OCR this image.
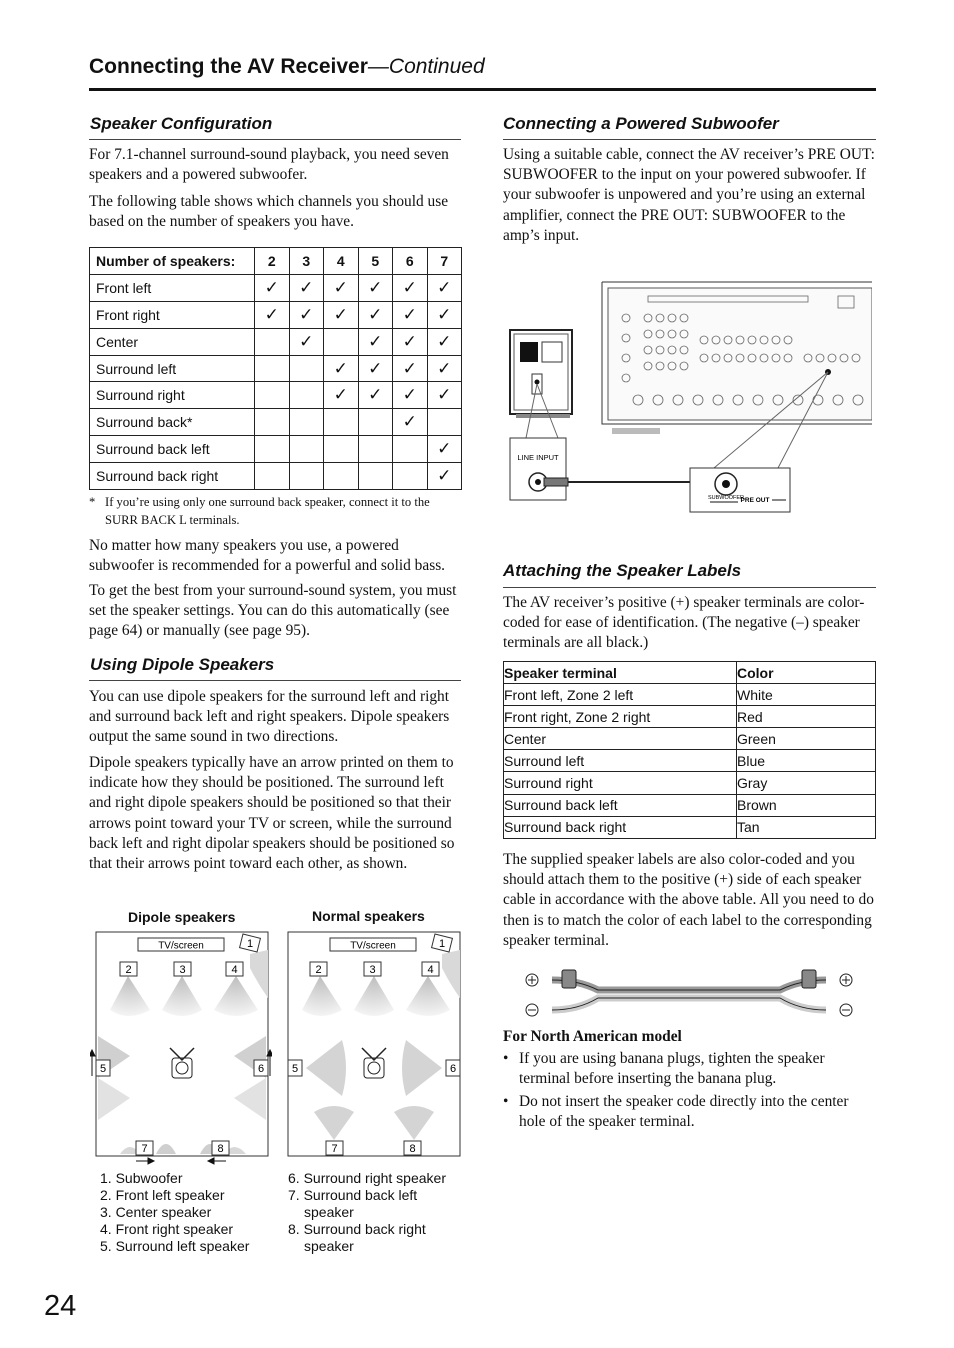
Connecting the AV Receiver—Continued
Speaker Configuration
For 7.1-channel surround-sound playback, you need seven speakers and a powered subwoofer.
The following table shows which channels you should use based on the number of speakers you have.
Number of speakers:	2	3	4	5	6	7
Front left	✓	✓	✓	✓	✓	✓
Front right	✓	✓	✓	✓	✓	✓
Center		✓		✓	✓	✓
Surround left			✓	✓	✓	✓
Surround right			✓	✓	✓	✓
Surround back*					✓	
Surround back left						✓
Surround back right						✓
* If you’re using only one surround back speaker, connect it to the SURR BACK L terminals.
No matter how many speakers you use, a powered subwoofer is recommended for a powerful and solid bass.
To get the best from your surround-sound system, you must set the speaker settings. You can do this automatically (see page 64) or manually (see page 95).
Using Dipole Speakers
You can use dipole speakers for the surround left and right and surround back left and right speakers. Dipole speakers output the same sound in two directions.
Dipole speakers typically have an arrow printed on them to indicate how they should be positioned. The surround left and right dipole speakers should be positioned so that their arrows point toward your TV or screen, while the surround back left and right dipolar speakers should be positioned so that their arrows point toward each other, as shown.
Dipole speakers	Normal speakers
TV/screen	1
2	3	4
5	6
7	8
TV/screen	1
2	3	4
5	6
7	8
1. Subwoofer
2. Front left speaker
3. Center speaker
4. Front right speaker
5. Surround left speaker
6. Surround right speaker
7. Surround back left
speaker
8. Surround back right
speaker
24
Connecting a Powered Subwoofer
Using a suitable cable, connect the AV receiver’s PRE OUT: SUBWOOFER to the input on your powered subwoofer. If your subwoofer is unpowered and you’re using an external amplifier, connect the PRE OUT: SUBWOOFER to the amp’s input.
LINE INPUT
SUBWOOFER
PRE OUT
Attaching the Speaker Labels
The AV receiver’s positive (+) speaker terminals are color-coded for ease of identification. (The negative (–) speaker terminals are all black.)
Speaker terminal	Color
Front left, Zone 2 left	White
Front right, Zone 2 right	Red
Center	Green
Surround left	Blue
Surround right	Gray
Surround back left	Brown
Surround back right	Tan
The supplied speaker labels are also color-coded and you should attach them to the positive (+) side of each speaker cable in accordance with the above table. All you need to do then is to match the color of each label to the corresponding speaker terminal.
For North American model
• If you are using banana plugs, tighten the speaker terminal before inserting the banana plug.
• Do not insert the speaker code directly into the center hole of the speaker terminal.
